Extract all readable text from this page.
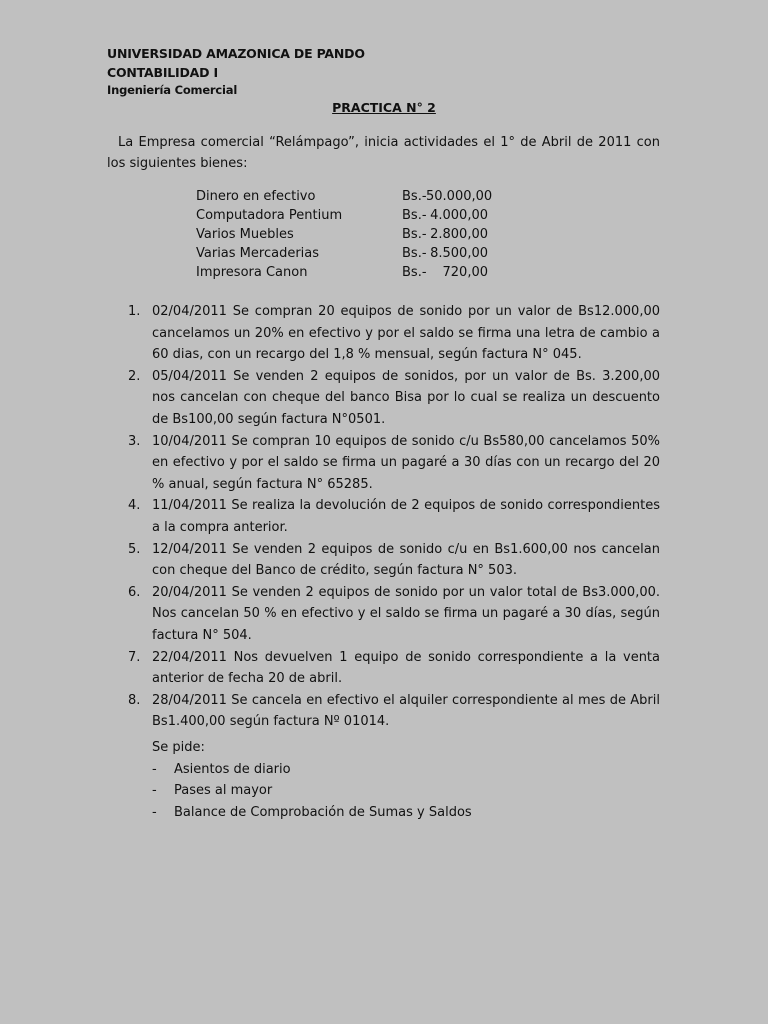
UNIVERSIDAD AMAZONICA DE PANDO
CONTABILIDAD I
Ingeniería Comercial
PRACTICA N° 2

La Empresa comercial “Relámpago”, inicia actividades el 1° de Abril de 2011 con los siguientes bienes:

Dinero en efectivo	Bs.- 50.000,00
Computadora Pentium	Bs.- 4.000,00
Varios Muebles	Bs.- 2.800,00
Varias Mercaderias	Bs.- 8.500,00
Impresora Canon	Bs.-	720,00
1. 02/04/2011 Se compran 20 equipos de sonido por un valor de Bs12.000,00 cancelamos un 20% en efectivo y por el saldo se firma una letra de cambio a 60 dias, con un recargo del 1,8 % mensual, según factura N° 045.
2. 05/04/2011 Se venden 2 equipos de sonidos, por un valor de Bs. 3.200,00 nos cancelan con cheque del banco Bisa por lo cual se realiza un descuento de Bs100,00 según factura N°0501.
3. 10/04/2011 Se compran 10 equipos de sonido c/u Bs580,00 cancelamos 50% en efectivo y por el saldo se firma un pagaré a 30 días con un recargo del 20 % anual, según factura N° 65285.
4. 11/04/2011 Se realiza la devolución de 2 equipos de sonido correspondientes a la compra anterior.
5. 12/04/2011 Se venden 2 equipos de sonido c/u en Bs1.600,00 nos cancelan con cheque del Banco de crédito, según factura N° 503.
6. 20/04/2011 Se venden 2 equipos de sonido por un valor total de Bs3.000,00. Nos cancelan 50 % en efectivo y el saldo se firma un pagaré a 30 días, según factura N° 504.
7. 22/04/2011 Nos devuelven 1 equipo de sonido correspondiente a la venta anterior de fecha 20 de abril.
8. 28/04/2011 Se cancela en efectivo el alquiler correspondiente al mes de Abril Bs1.400,00 según factura Nº 01014.
Se pide:
- Asientos de diario
- Pases al mayor
- Balance de Comprobación de Sumas y Saldos
